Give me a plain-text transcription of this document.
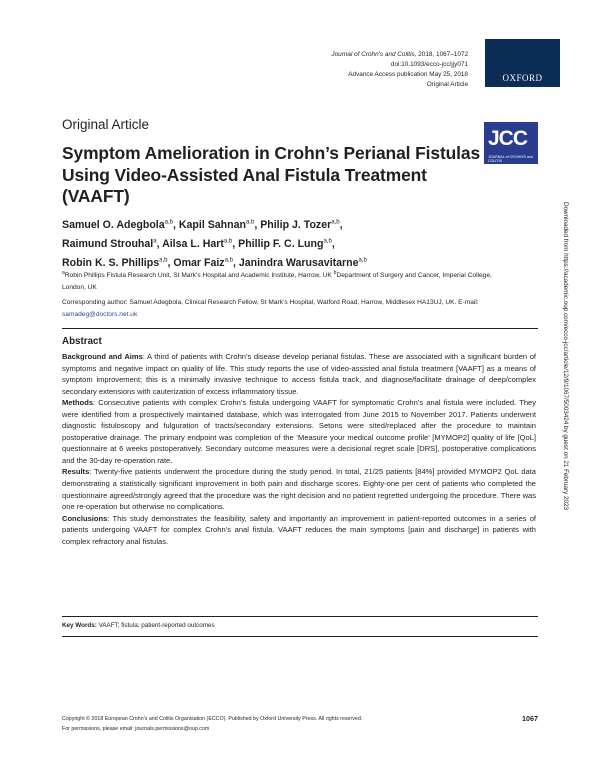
Journal of Crohn's and Colitis, 2018, 1067–1072
doi:10.1093/ecco-jcc/jjy071
Advance Access publication May 25, 2018
Original Article
OXFORD
JCC
JOURNAL of CROHN'S and COLITIS
Original Article
Symptom Amelioration in Crohn’s Perianal Fistulas Using Video-Assisted Anal Fistula Treatment (VAAFT)
Samuel O. Adegbola$^{a,b}$, Kapil Sahnan$^{a,b}$, Philip J. Tozer$^{a,b}$,
Raimund Strouhal$^a$, Ailsa L. Hart$^{a,b}$, Phillip F. C. Lung$^{a,b}$,
Robin K. S. Phillips$^{a,b}$, Omar Faiz$^{a,b}$, Janindra Warusavitarne$^{a,b}$
$^a$Robin Phillips Fistula Research Unit, St Mark’s Hospital and Academic Institute, Harrow, UK $^b$Department of Surgery and Cancer, Imperial College, London, UK
Corresponding author: Samuel Adegbola, Clinical Research Fellow, St Mark’s Hospital, Watford Road, Harrow, Middlesex HA13UJ, UK. E-mail: samadeg@doctors.net.uk
Abstract

Background and Aims: A third of patients with Crohn’s disease develop perianal fistulas. These are associated with a significant burden of symptoms and negative impact on quality of life. This study reports the use of video-assisted anal fistula treatment [VAAFT] as a means of symptom improvement; this is a minimally invasive technique to access fistula track, and diagnose/facilitate drainage of deep/complex secondary extensions with cauterization of excess inflammatory tissue.

Methods: Consecutive patients with complex Crohn’s fistula undergoing VAAFT for symptomatic Crohn’s anal fistula were included. They were identified from a prospectively maintained database, which was interrogated from June 2015 to November 2017. Patients underwent diagnostic fistuloscopy and fulguration of tracts/secondary extensions. Setons were sited/replaced after the procedure to maintain postoperative drainage. The primary endpoint was completion of the ‘Measure your medical outcome profile’ [MYMOP2] quality of life [QoL] questionnaire at 6 weeks postoperatively. Secondary outcome measures were a decisional regret scale [DRS], postoperative complications and the 30-day re-operation rate.

Results: Twenty-five patients underwent the procedure during the study period. In total, 21/25 patients [84%] provided MYMOP2 QoL data demonstrating a statistically significant improvement in both pain and discharge scores. Eighty-one per cent of patients who completed the questionnaire agreed/strongly agreed that the procedure was the right decision and no patient regretted undergoing the procedure. There was one re-operation but otherwise no complications.

Conclusions: This study demonstrates the feasibility, safety and importantly an improvement in patient-reported outcomes in a series of patients undergoing VAAFT for complex Crohn’s anal fistula. VAAFT reduces the main symptoms [pain and discharge] in patients with complex refractory anal fistulas.

Key Words: VAAFT; fistula; patient-reported outcomes
Copyright © 2018 European Crohn’s and Colitis Organisation (ECCO). Published by Oxford University Press. All rights reserved.
For permissions, please email: journals.permissions@oup.com
1067
Downloaded from https://academic.oup.com/ecco-jcc/article/12/9/1067/5003424 by guest on 21 February 2023
